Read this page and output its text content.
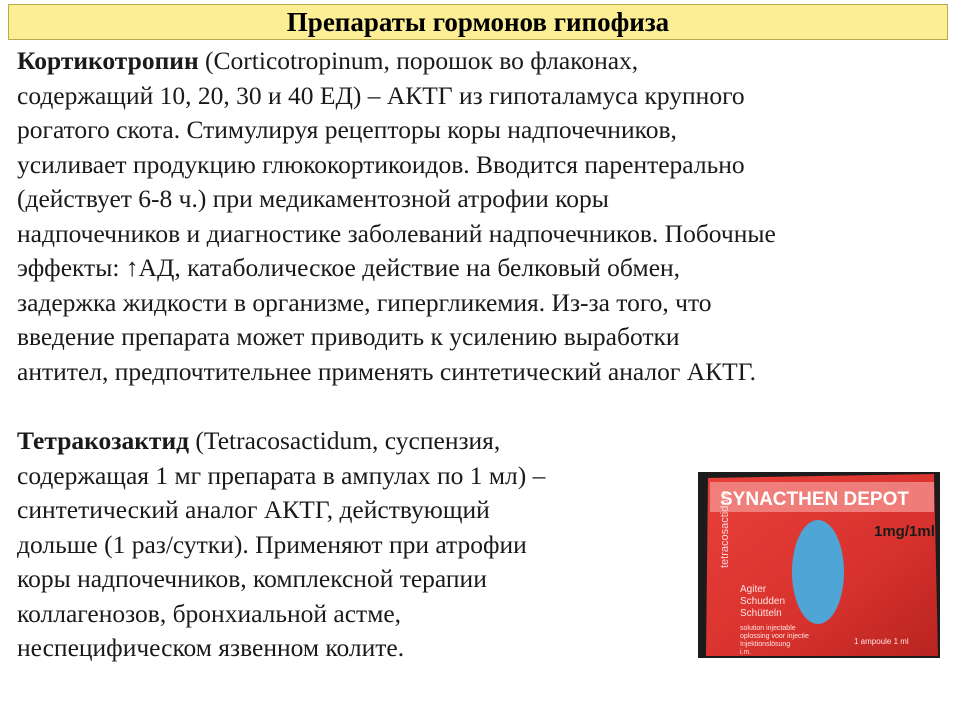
Препараты гормонов гипофиза
Кортикотропин (Corticotropinum, порошок во флаконах,
содержащий 10, 20, 30 и 40 ЕД) – АКТГ из гипоталамуса крупного
рогатого скота. Стимулируя рецепторы коры надпочечников,
усиливает продукцию глюкокортикоидов. Вводится парентерально
(действует 6-8 ч.) при медикаментозной атрофии коры
надпочечников и диагностике заболеваний надпочечников. Побочные
эффекты: ↑АД, катаболическое действие на белковый обмен,
задержка жидкости в организме, гипергликемия. Из-за того, что
введение препарата может приводить к усилению выработки
антител, предпочтительнее применять синтетический аналог АКТГ.
Тетракозактид (Tetracosactidum, суспензия,
содержащая 1 мг препарата в ампулах по 1 мл) –
синтетический аналог АКТГ, действующий
дольше (1 раз/сутки). Применяют при атрофии
коры надпочечников, комплексной терапии
коллагенозов, бронхиальной астме,
неспецифическом язвенном колите.
SYNACTHEN DEPOT
tetracosactidum	1mg/1ml
Agiter
Schudden
Schütteln
solution injectable
oplossing voor injectie
Injektionslösung
i.m.
1 ampoule 1 ml
